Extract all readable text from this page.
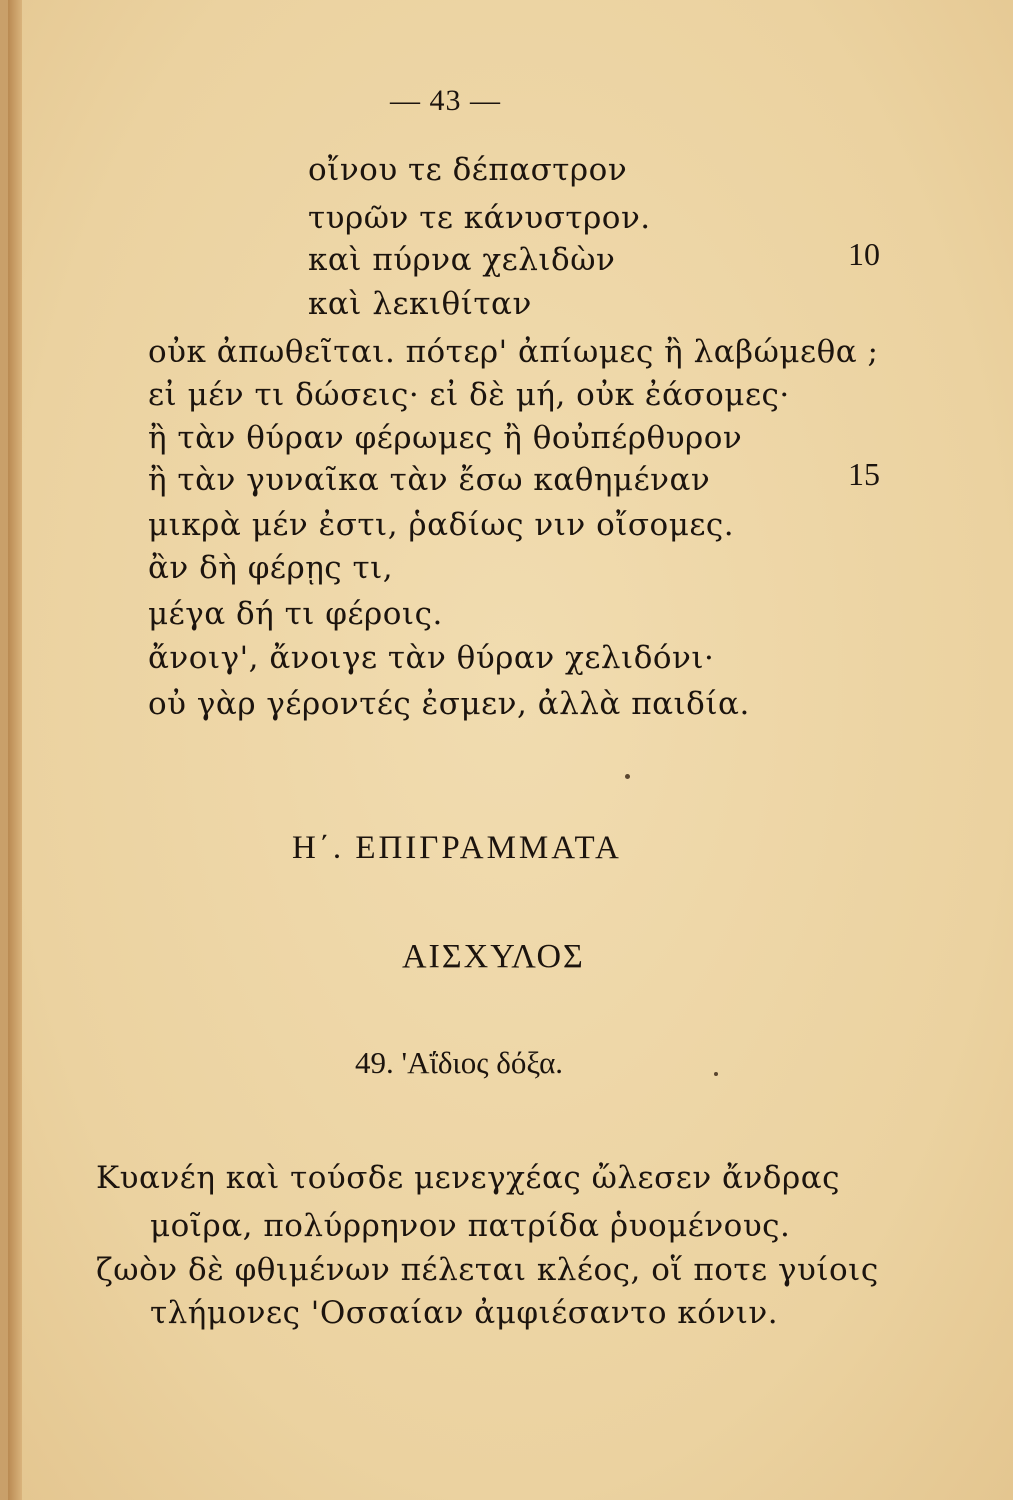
— 43 —
οἴνου τε δέπαστρον
τυρῶν τε κάνυστρον.
καὶ πύρνα χελιδὼν	10
καὶ λεκιθίταν
οὐκ ἀπωθεῖται. πότερ' ἀπίωμες ἢ λαβώμεθα ;
εἰ μέν τι δώσεις· εἰ δὲ μή, οὐκ ἐάσομες·
ἢ τὰν θύραν φέρωμες ἢ θοὐπέρθυρον
ἢ τὰν γυναῖκα τὰν ἔσω καθημέναν	15
μικρὰ μέν ἐστι, ῥαδίως νιν οἴσομες.
ἂν δὴ φέρῃς τι,
μέγα δή τι φέροις.
ἄνοιγ', ἄνοιγε τὰν θύραν χελιδόνι·
οὐ γὰρ γέροντές ἐσμεν, ἀλλὰ παιδία.
Η΄. ΕΠΙΓΡΑΜΜΑΤΑ
ΑΙΣΧΥΛΟΣ
49. 'Αΐδιος δόξα.
Κυανέη καὶ τούσδε μενεγχέας ὤλεσεν ἄνδρας
μοῖρα, πολύρρηνον πατρίδα ῥυομένους.
ζωὸν δὲ φθιμένων πέλεται κλέος, οἵ ποτε γυίοις
τλήμονες 'Οσσαίαν ἀμφιέσαντο κόνιν.
